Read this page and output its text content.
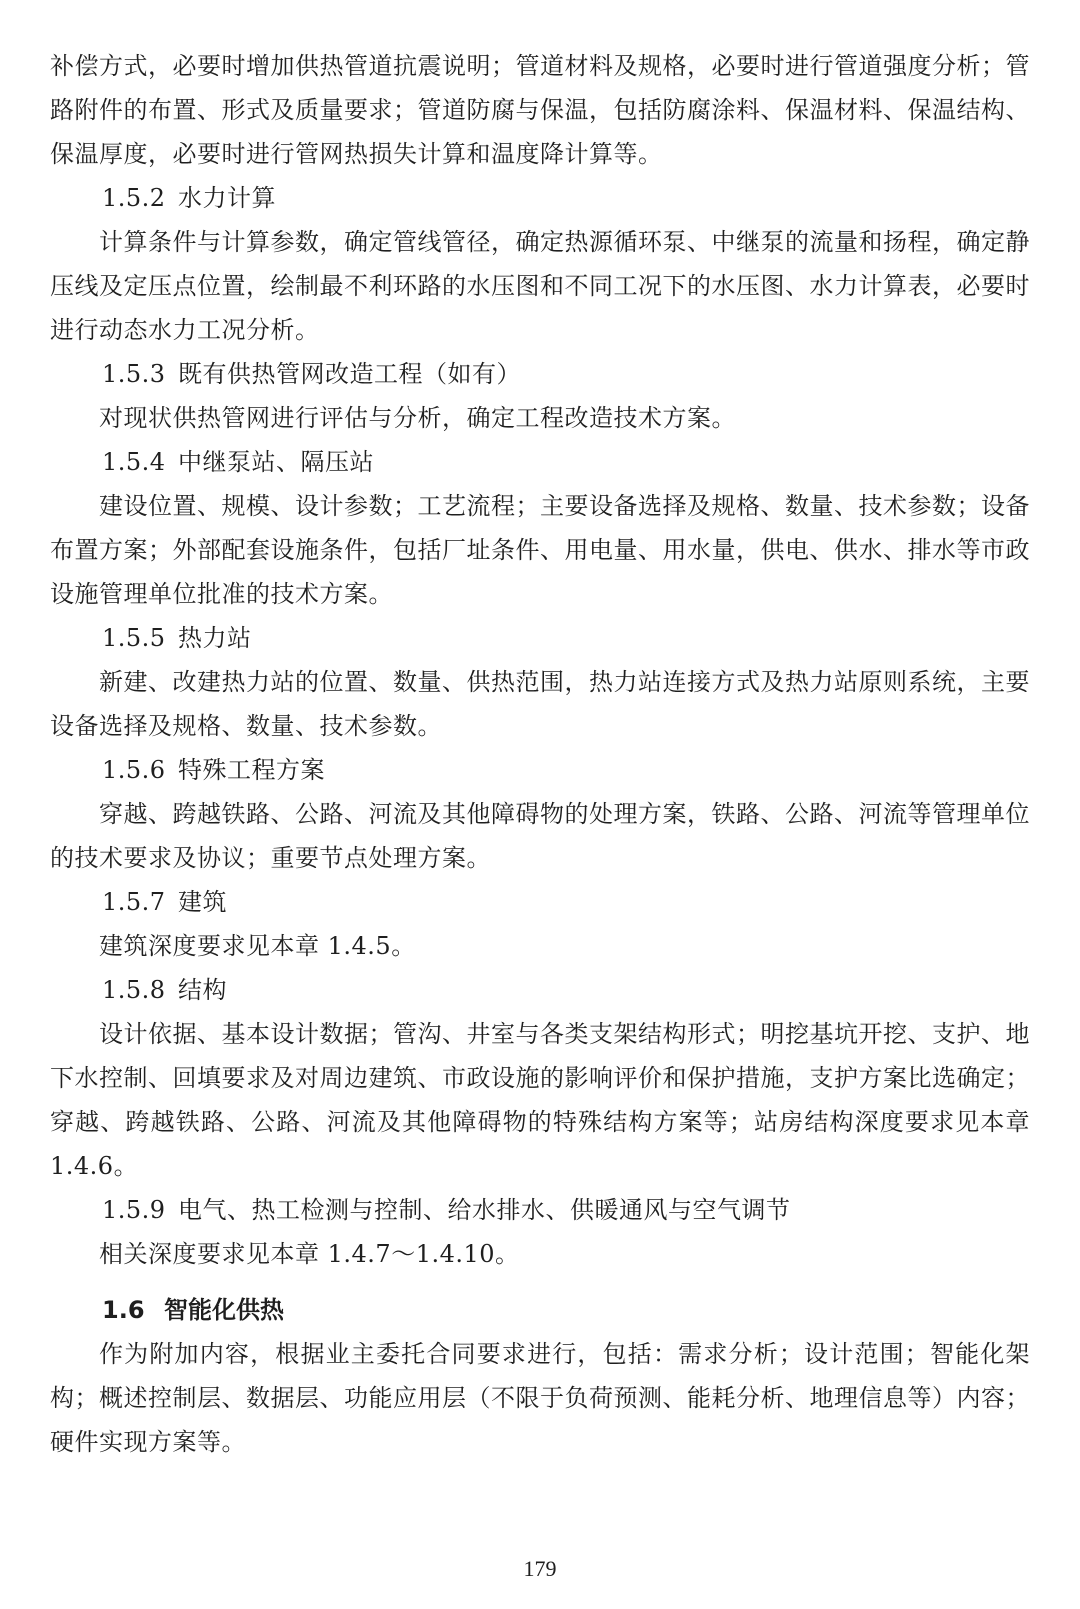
补偿方式，必要时增加供热管道抗震说明；管道材料及规格，必要时进行管道强度分析；管路附件的布置、形式及质量要求；管道防腐与保温，包括防腐涂料、保温材料、保温结构、保温厚度，必要时进行管网热损失计算和温度降计算等。

1.5.2 水力计算

计算条件与计算参数，确定管线管径，确定热源循环泵、中继泵的流量和扬程，确定静压线及定压点位置，绘制最不利环路的水压图和不同工况下的水压图、水力计算表，必要时进行动态水力工况分析。

1.5.3 既有供热管网改造工程（如有）

对现状供热管网进行评估与分析，确定工程改造技术方案。

1.5.4 中继泵站、隔压站

建设位置、规模、设计参数；工艺流程；主要设备选择及规格、数量、技术参数；设备布置方案；外部配套设施条件，包括厂址条件、用电量、用水量，供电、供水、排水等市政设施管理单位批准的技术方案。

1.5.5 热力站

新建、改建热力站的位置、数量、供热范围，热力站连接方式及热力站原则系统，主要设备选择及规格、数量、技术参数。

1.5.6 特殊工程方案

穿越、跨越铁路、公路、河流及其他障碍物的处理方案，铁路、公路、河流等管理单位的技术要求及协议；重要节点处理方案。

1.5.7 建筑

建筑深度要求见本章 1.4.5。

1.5.8 结构

设计依据、基本设计数据；管沟、井室与各类支架结构形式；明挖基坑开挖、支护、地下水控制、回填要求及对周边建筑、市政设施的影响评价和保护措施，支护方案比选确定；穿越、跨越铁路、公路、河流及其他障碍物的特殊结构方案等；站房结构深度要求见本章 1.4.6。

1.5.9 电气、热工检测与控制、给水排水、供暖通风与空气调节

相关深度要求见本章 1.4.7～1.4.10。

1.6 智能化供热

作为附加内容，根据业主委托合同要求进行，包括：需求分析；设计范围；智能化架构；概述控制层、数据层、功能应用层（不限于负荷预测、能耗分析、地理信息等）内容；硬件实现方案等。

179
